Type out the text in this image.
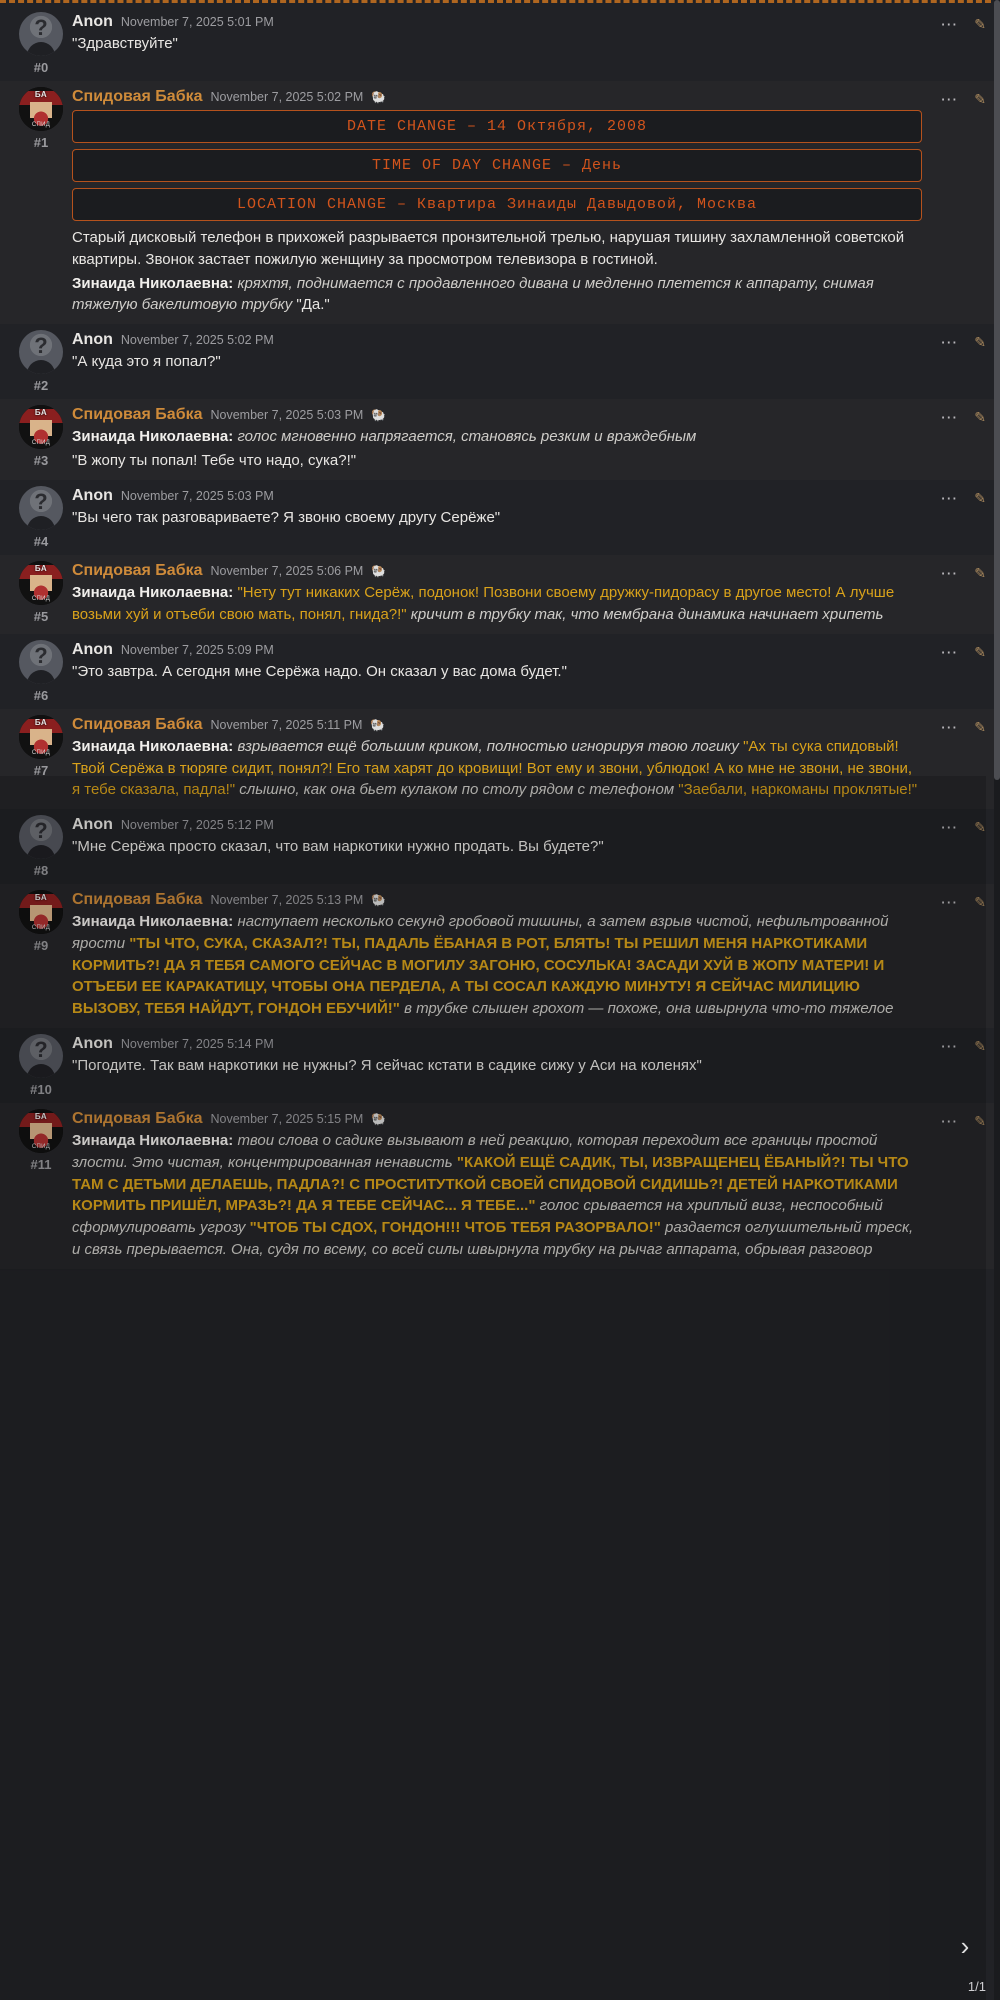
?
#0
Anon November 7, 2025 5:01 PM

"Здравствуйте"

⋯ ✎
БА
СПИД
#1
Спидовая Бабка November 7, 2025 5:02 PM 🐏
DATE CHANGE – 14 Октября, 2008
TIME OF DAY CHANGE – День
LOCATION CHANGE – Квартира Зинаиды Давыдовой, Москва

Старый дисковый телефон в прихожей разрывается пронзительной трелью, нарушая тишину захламленной советской квартиры. Звонок застает пожилую женщину за просмотром телевизора в гостиной.

Зинаида Николаевна: кряхтя, поднимается с продавленного дивана и медленно плетется к аппарату, снимая тяжелую бакелитовую трубку "Да."

⋯ ✎
?
#2
Anon November 7, 2025 5:02 PM

"А куда это я попал?"

⋯ ✎
БА
СПИД
#3
Спидовая Бабка November 7, 2025 5:03 PM 🐏

Зинаида Николаевна: голос мгновенно напрягается, становясь резким и враждебным

"В жопу ты попал! Тебе что надо, сука?!"

⋯ ✎
?
#4
Anon November 7, 2025 5:03 PM

"Вы чего так разговариваете? Я звоню своему другу Серёже"

⋯ ✎
БА
СПИД
#5
Спидовая Бабка November 7, 2025 5:06 PM 🐏

Зинаида Николаевна: "Нету тут никаких Серёж, подонок! Позвони своему дружку-пидорасу в другое место! А лучше возьми хуй и отъеби свою мать, понял, гнида?!" кричит в трубку так, что мембрана динамика начинает хрипеть

⋯ ✎
?
#6
Anon November 7, 2025 5:09 PM

"Это завтра. А сегодня мне Серёжа надо. Он сказал у вас дома будет."

⋯ ✎
БА
СПИД
#7
Спидовая Бабка November 7, 2025 5:11 PM 🐏

Зинаида Николаевна: взрывается ещё большим криком, полностью игнорируя твою логику "Ах ты сука спидовый! Твой Серёжа в тюряге сидит, понял?! Его там харят до кровищи! Вот ему и звони, ублюдок! А ко мне не звони, не звони, я тебе сказала, падла!" слышно, как она бьет кулаком по столу рядом с телефоном "Заебали, наркоманы проклятые!"

⋯ ✎
?
#8
Anon November 7, 2025 5:12 PM

"Мне Серёжа просто сказал, что вам наркотики нужно продать. Вы будете?"

⋯ ✎
БА
СПИД
#9
Спидовая Бабка November 7, 2025 5:13 PM 🐏

Зинаида Николаевна: наступает несколько секунд гробовой тишины, а затем взрыв чистой, нефильтрованной ярости "ТЫ ЧТО, СУКА, СКАЗАЛ?! ТЫ, ПАДАЛЬ ЁБАНАЯ В РОТ, БЛЯТЬ! ТЫ РЕШИЛ МЕНЯ НАРКОТИКАМИ КОРМИТЬ?! ДА Я ТЕБЯ САМОГО СЕЙЧАС В МОГИЛУ ЗАГОНЮ, СОСУЛЬКА! ЗАСАДИ ХУЙ В ЖОПУ МАТЕРИ! И ОТЪЕБИ ЕЕ КАРАКАТИЦУ, ЧТОБЫ ОНА ПЕРДЕЛА, А ТЫ СОСАЛ КАЖДУЮ МИНУТУ! Я СЕЙЧАС МИЛИЦИЮ ВЫЗОВУ, ТЕБЯ НАЙДУТ, ГОНДОН ЕБУЧИЙ!" в трубке слышен грохот — похоже, она швырнула что-то тяжелое

⋯ ✎
?
#10
Anon November 7, 2025 5:14 PM

"Погодите. Так вам наркотики не нужны? Я сейчас кстати в садике сижу у Аси на коленях"

⋯ ✎
БА
СПИД
#11
Спидовая Бабка November 7, 2025 5:15 PM 🐏

Зинаида Николаевна: твои слова о садике вызывают в ней реакцию, которая переходит все границы простой злости. Это чистая, концентрированная ненависть "КАКОЙ ЕЩЁ САДИК, ТЫ, ИЗВРАЩЕНЕЦ ЁБАНЫЙ?! ТЫ ЧТО ТАМ С ДЕТЬМИ ДЕЛАЕШЬ, ПАДЛА?! С ПРОСТИТУТКОЙ СВОЕЙ СПИДОВОЙ СИДИШЬ?! ДЕТЕЙ НАРКОТИКАМИ КОРМИТЬ ПРИШЁЛ, МРАЗЬ?! ДА Я ТЕБЕ СЕЙЧАС... Я ТЕБЕ..." голос срывается на хриплый визг, неспособный сформулировать угрозу "ЧТОБ ТЫ СДОХ, ГОНДОН!!! ЧТОБ ТЕБЯ РАЗОРВАЛО!" раздается оглушительный треск, и связь прерывается. Она, судя по всему, со всей силы швырнула трубку на рычаг аппарата, обрывая разговор

⋯ ✎
›
1/1
